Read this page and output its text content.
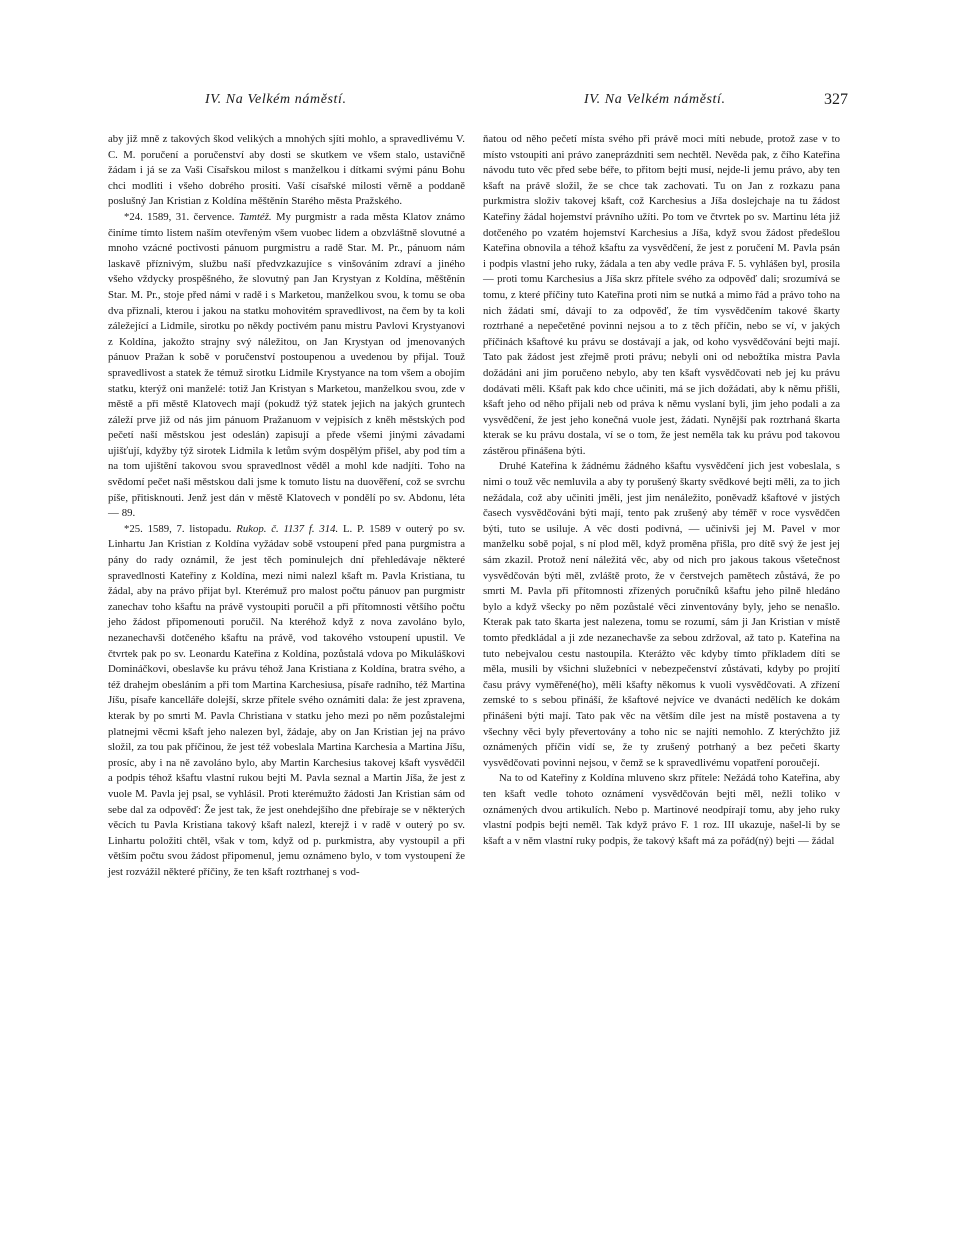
IV. Na Velkém náměstí.	IV. Na Velkém náměstí.	327

aby již mně z takových škod velikých a mnohých sjíti mohlo, a spravedlivému V. C. M. poručení a poručenství aby dosti se skutkem ve všem stalo, ustavičně žádam i já se za Vaši Císařskou milost s manželkou i dítkami svými pánu Bohu chci modliti i všeho dobrého prositi. Vaší císařské milosti věrně a poddaně poslušný Jan Kristian z Koldína měštěnín Starého města Pražského.

*24. 1589, 31. července. Tamtéž. My purgmistr a rada města Klatov známo činíme tímto listem naším otevřeným všem vuobec lidem a obzvláštně slovutné a mnoho vzácné poctivosti pánuom purgmistru a radě Star. M. Pr., pánuom nám laskavě příznivým, službu naší předvzkazujíce s vinšováním zdraví a jiného všeho vždycky prospěšného, že slovutný pan Jan Krystyan z Koldína, měštěnín Star. M. Pr., stoje před námi v radě i s Marketou, manželkou svou, k tomu se oba dva přiznali, kterou i jakou na statku mohovitém spravedlivost, na čem by ta koli záležející a Lidmile, sirotku po někdy poctivém panu mistru Pavlovi Krystyanovi z Koldína, jakožto strajny svý náležitou, on Jan Krystyan od jmenovaných pánuov Pražan k sobě v poručenství postoupenou a uvedenou by přijal. Touž spravedlivost a statek že témuž sirotku Lidmile Krystyance na tom všem a obojím statku, kterýž oni manželé: totiž Jan Kristyan s Marketou, manželkou svou, zde v městě a při městě Klatovech mají (pokudž týž statek jejich na jakých gruntech záleží prve již od nás jim pánuom Pražanuom v vejpisích z kněh městských pod pečetí naší městskou jest odeslán) zapisují a přede všemi jinými závadami ujišťují, kdyžby týž sirotek Lidmila k letům svým dospělým přišel, aby pod tím a na tom ujištění takovou svou spravedlnost věděl a mohl kde nadjíti. Toho na svědomí pečet naši městskou dali jsme k tomuto listu na duověření, což se svrchu píše, přitisknouti. Jenž jest dán v městě Klatovech v pondělí po sv. Abdonu, léta — 89.

*25. 1589, 7. listopadu. Rukop. č. 1137 f. 314. L. P. 1589 v outerý po sv. Linhartu Jan Kristian z Koldína vyžádav sobě vstoupení před pana purgmistra a pány do rady oznámil, že jest těch pominulejch dní přehledávaje některé spravedlnosti Kateřiny z Koldína, mezi nimi nalezl kšaft m. Pavla Kristiana, tu žádal, aby na právo přijat byl. Kterémuž pro malost počtu pánuov pan purgmistr zanechav toho kšaftu na právě vystoupiti poručil a při přítomnosti většího počtu jeho žádost připomenouti poručil. Na kteréhož když z nova zavoláno bylo, nezanechavši dotčeného kšaftu na právě, vod takového vstoupení upustil. Ve čtvrtek pak po sv. Leonardu Kateřina z Koldína, pozůstalá vdova po Mikuláškovi Domináčkovi, obeslavše ku právu téhož Jana Kristiana z Koldína, bratra svého, a též drahejm obesláním a při tom Martina Karchesiusa, písaře radního, též Martina Jíšu, písaře kancelláře dolejší, skrze přítele svého oznámiti dala: že jest zpravena, kterak by po smrti M. Pavla Christiana v statku jeho mezi po něm pozůstalejmi platnejmi věcmi kšaft jeho nalezen byl, žádaje, aby on Jan Kristian jej na právo složil, za tou pak příčinou, že jest též vobeslala Martina Karchesia a Martina Jíšu, prosíc, aby i na ně zavoláno bylo, aby Martin Karchesius takovej kšaft vysvědčil a podpis téhož kšaftu vlastní rukou bejti M. Pavla seznal a Martin Jíša, že jest z vuole M. Pavla jej psal, se vyhlásil. Proti kterémužto žádosti Jan Kristian sám od sebe dal za odpověď: Že jest tak, že jest onehdejšího dne přebíraje se v některých věcích tu Pavla Kristiana takový kšaft nalezl, kterejž i v radě v outerý po sv. Linhartu položiti chtěl, však v tom, když od p. purkmistra, aby vystoupil a při větším počtu svou žádost připomenul, jemu oznámeno bylo, v tom vystoupení že jest rozvážil některé příčiny, že ten kšaft roztrhanej s vod-

ňatou od něho pečetí místa svého při právě moci míti nebude, protož zase v to místo vstoupiti ani právo zaneprázdniti sem nechtěl. Nevěda pak, z čího Kateřina návodu tuto věc před sebe béře, to přitom bejti musí, nejde-li jemu právo, aby ten kšaft na právě složil, že se chce tak zachovati. Tu on Jan z rozkazu pana purkmistra složiv takovej kšaft, což Karchesius a Jíša doslejchaje na tu žádost Kateřiny žádal hojemství právního užíti. Po tom ve čtvrtek po sv. Martinu léta již dotčeného po vzatém hojemství Karchesius a Jíša, když svou žádost předešlou Kateřina obnovila a téhož kšaftu za vysvědčení, že jest z poručení M. Pavla psán i podpis vlastní jeho ruky, žádala a ten aby vedle práva F. 5. vyhlášen byl, prosila — proti tomu Karchesius a Jíša skrz přítele svého za odpověď dali; srozumívá se tomu, z které příčiny tuto Kateřina proti nim se nutká a mimo řád a právo toho na nich žádati smí, dávají to za odpověď, že tím vysvědčením takové škarty roztrhané a nepečetěné povinni nejsou a to z těch příčin, nebo se ví, v jakých příčinách kšaftové ku právu se dostávají a jak, od koho vysvědčování bejti mají. Tato pak žádost jest zřejmě proti právu; nebyli oni od nebožtíka mistra Pavla dožádáni ani jim poručeno nebylo, aby ten kšaft vysvědčovati neb jej ku právu dodávati měli. Kšaft pak kdo chce učiniti, má se jich dožádati, aby k němu přišli, kšaft jeho od něho přijali neb od práva k němu vyslaní byli, jim jeho podali a za vysvědčení, že jest jeho konečná vuole jest, žádati. Nynější pak roztrhaná škarta kterak se ku právu dostala, ví se o tom, že jest neměla tak ku právu pod takovou zástěrou přinášena býti.

Druhé Kateřina k žádnému žádného kšaftu vysvědčení jich jest vobeslala, s nimi o touž věc nemluvila a aby ty porušený škarty svědkové bejti měli, za to jich nežádala, což aby učiniti jměli, jest jim nenáležito, poněvadž kšaftové v jistých časech vysvědčováni býti mají, tento pak zrušený aby téměř v roce vysvědčen býti, tuto se usiluje. A věc dosti podivná, — učinivši jej M. Pavel v mor manželku sobě pojal, s ní plod měl, když proměna přišla, pro dítě svý že jest jej sám zkazil. Protož není náležitá věc, aby od nich pro jakous takous všetečnost vysvědčován býti měl, zvláště proto, že v čerstvejch pamětech zůstává, že po smrti M. Pavla při přítomnosti zřízených poručníků kšaftu jeho pilně hledáno bylo a když všecky po něm pozůstalé věci zinventovány byly, jeho se nenašlo. Kterak pak tato škarta jest nalezena, tomu se rozumí, sám ji Jan Kristian v místě tomto předkládal a ji zde nezanechavše za sebou zdržoval, až tato p. Kateřina na tuto nebejvalou cestu nastoupila. Kterážto věc kdyby tímto příkladem díti se měla, musili by všichni služebníci v nebezpečenství zůstávati, kdyby po projití času právy vyměřené(ho), měli kšafty někomus k vuoli vysvědčovati. A zřízení zemské to s sebou přináší, že kšaftové nejvíce ve dvanácti nedělích ke dokám přinášeni býti mají. Tato pak věc na větším díle jest na místě postavena a ty všechny věci byly převertovány a toho nic se najíti nemohlo. Z kterýchžto již oznámených příčin vidí se, že ty zrušený potrhaný a bez pečeti škarty vysvědčovati povinni nejsou, v čemž se k spravedlivému vopatření poroučejí.

Na to od Kateřiny z Koldína mluveno skrz přítele: Nežádá toho Kateřina, aby ten kšaft vedle tohoto oznámení vysvědčován bejti měl, nežli toliko v oznámených dvou artikulích. Nebo p. Martinové neodpírají tomu, aby jeho ruky vlastní podpis bejti neměl. Tak když právo F. 1 roz. III ukazuje, našel-li by se kšaft a v něm vlastní ruky podpis, že takový kšaft má za pořád(ný) bejti — žádal
